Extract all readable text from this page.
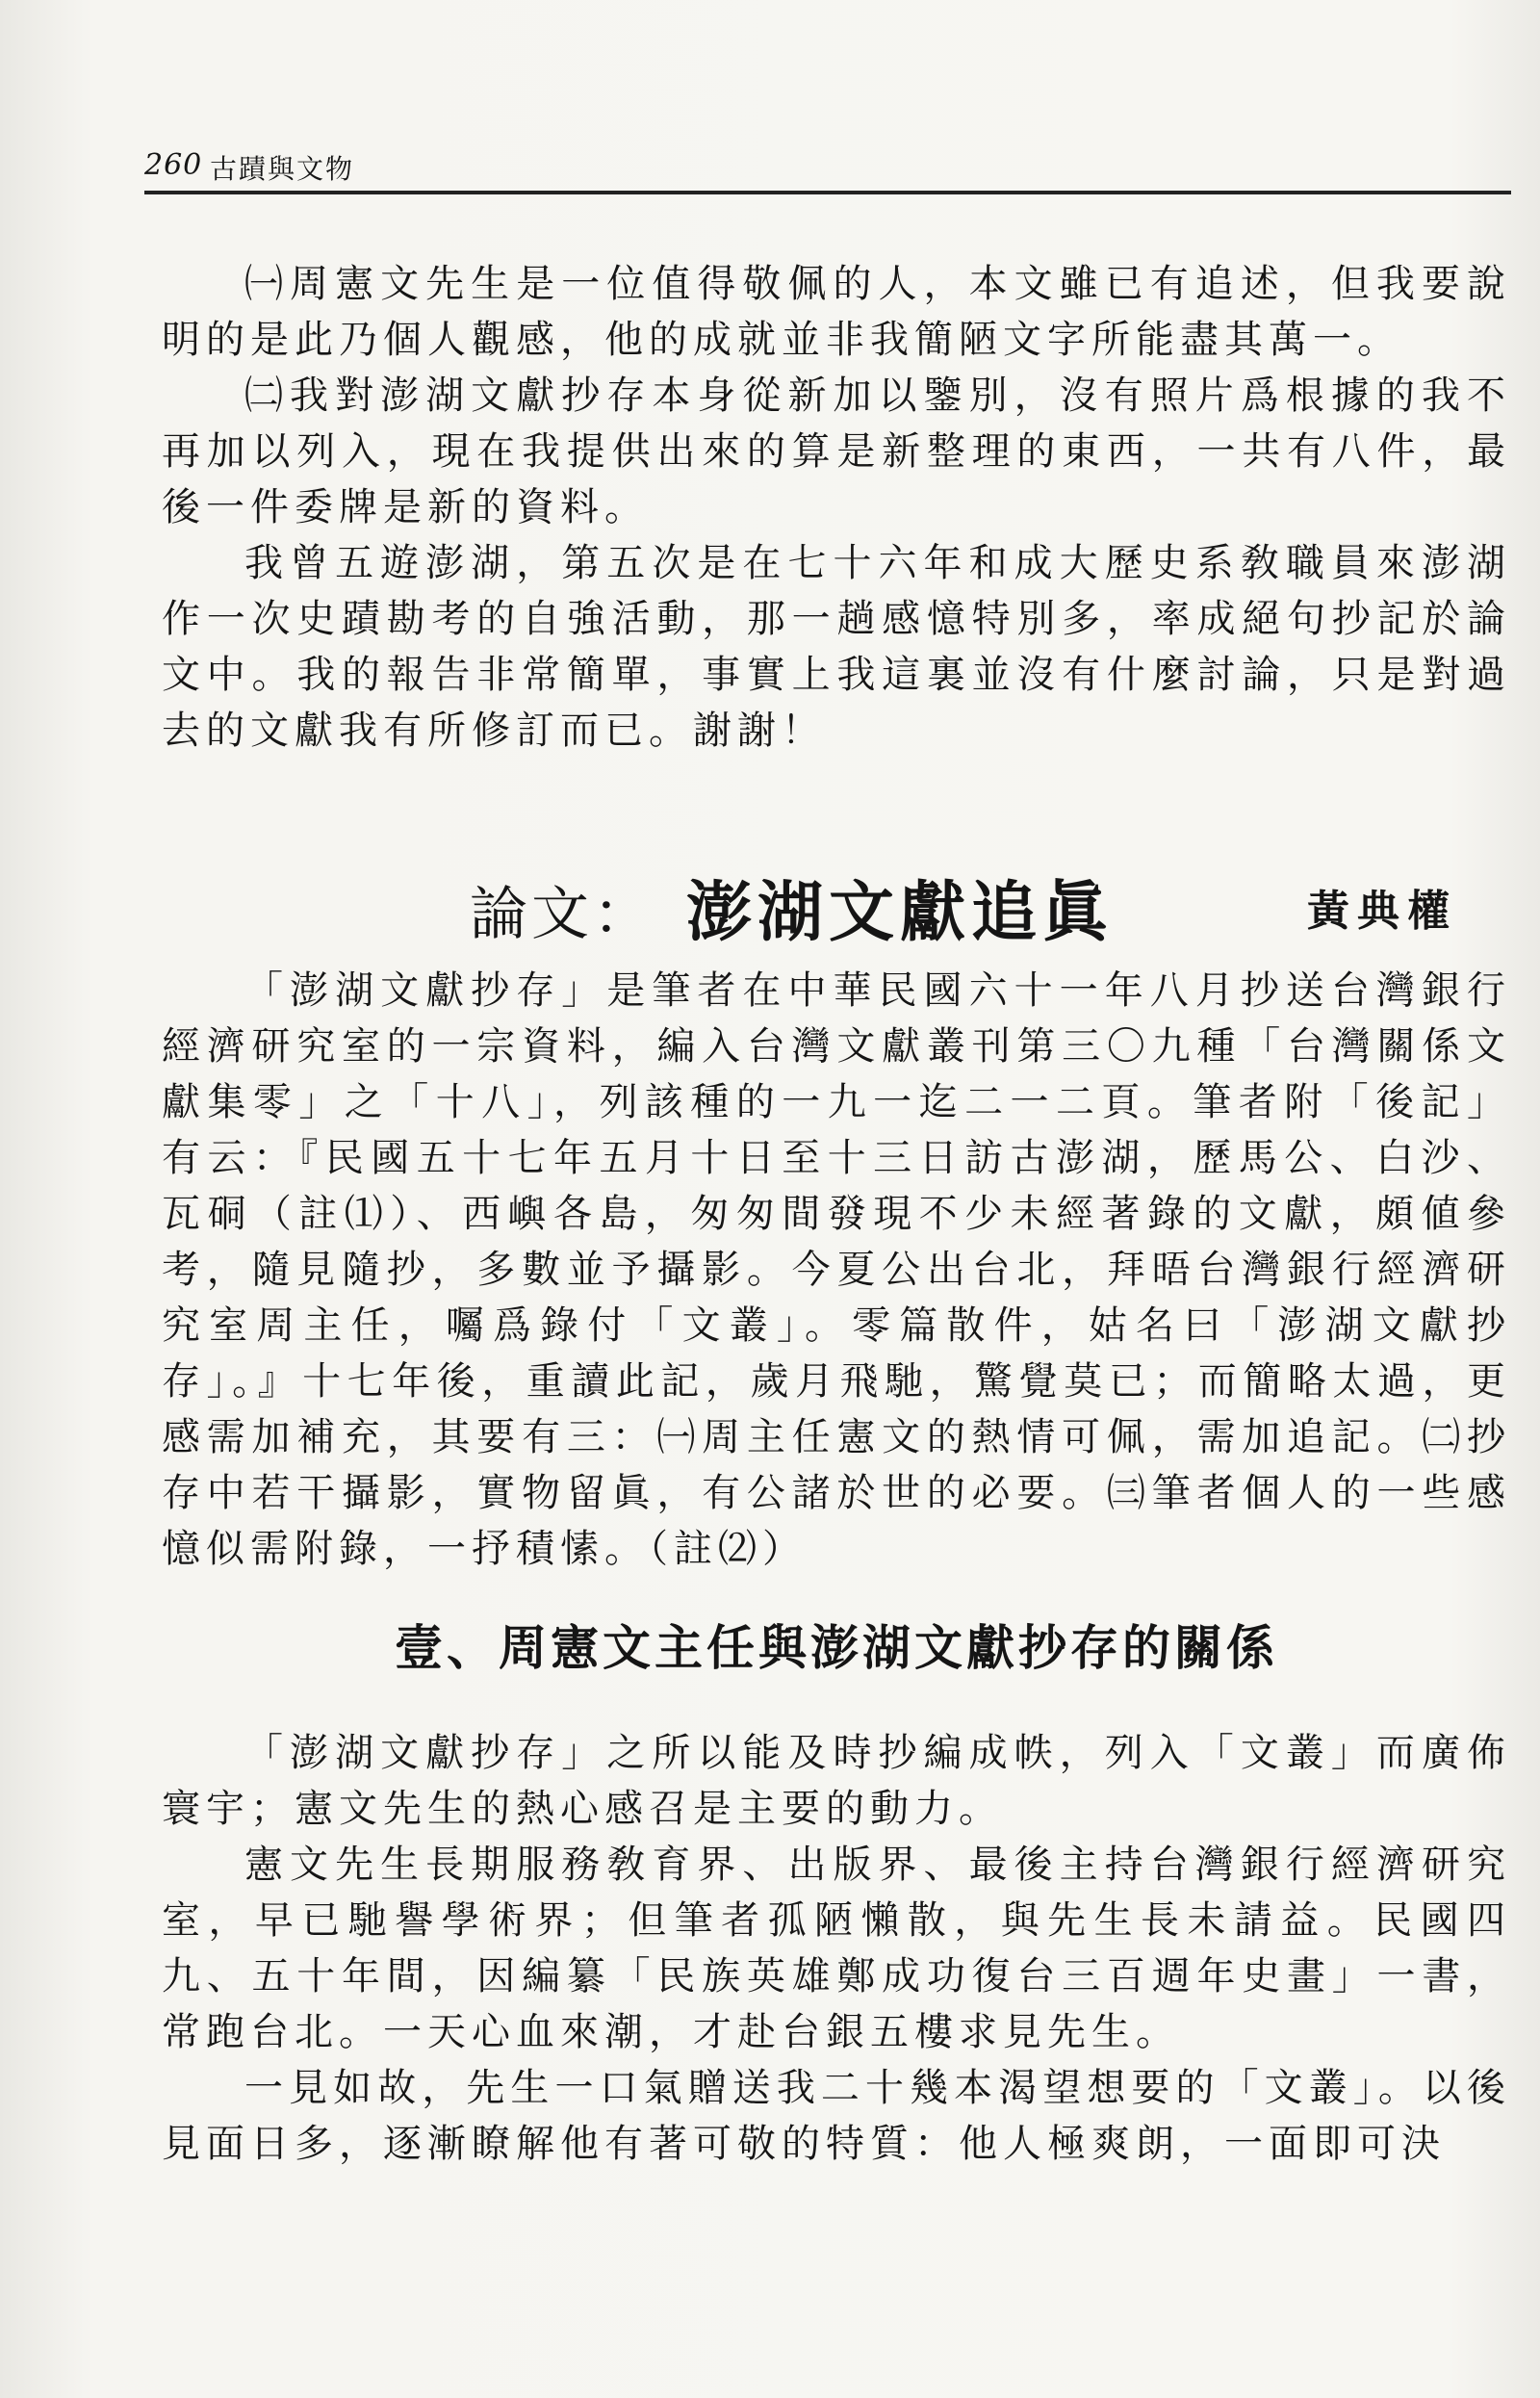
260 古蹟與文物

㈠周憲文先生是一位值得敬佩的人，本文雖已有追述，但我要說明的是此乃個人觀感，他的成就並非我簡陋文字所能盡其萬一。

㈡我對澎湖文獻抄存本身從新加以鑒別，沒有照片爲根據的我不再加以列入，現在我提供出來的算是新整理的東西，一共有八件，最後一件委牌是新的資料。

我曾五遊澎湖，第五次是在七十六年和成大歷史系敎職員來澎湖作一次史蹟勘考的自強活動，那一趟感憶特別多，率成絕句抄記於論文中。我的報告非常簡單，事實上我這裏並沒有什麼討論，只是對過去的文獻我有所修訂而已。謝謝！

論文： 澎湖文獻追眞	黃典權

「澎湖文獻抄存」是筆者在中華民國六十一年八月抄送台灣銀行經濟研究室的一宗資料，編入台灣文獻叢刊第三〇九種「台灣關係文獻集零」之「十八」，列該種的一九一迄二一二頁。筆者附「後記」有云：『民國五十七年五月十日至十三日訪古澎湖，歷馬公、白沙、瓦硐（註⑴）、西嶼各島，匆匆間發現不少未經著錄的文獻，頗値參考，隨見隨抄，多數並予攝影。今夏公出台北，拜晤台灣銀行經濟研究室周主任，囑爲錄付「文叢」。零篇散件，姑名曰「澎湖文獻抄存」。』十七年後，重讀此記，歲月飛馳，驚覺莫已；而簡略太過，更感需加補充，其要有三：㈠周主任憲文的熱情可佩，需加追記。㈡抄存中若干攝影，實物留眞，有公諸於世的必要。㈢筆者個人的一些感憶似需附錄，一抒積愫。（註⑵）

壹、周憲文主任與澎湖文獻抄存的關係

「澎湖文獻抄存」之所以能及時抄編成帙，列入「文叢」而廣佈寰宇；憲文先生的熱心感召是主要的動力。

憲文先生長期服務敎育界、出版界、最後主持台灣銀行經濟研究室，早已馳譽學術界；但筆者孤陋懶散，與先生長未請益。民國四九、五十年間，因編纂「民族英雄鄭成功復台三百週年史畫」一書，常跑台北。一天心血來潮，才赴台銀五樓求見先生。

一見如故，先生一口氣贈送我二十幾本渴望想要的「文叢」。以後見面日多，逐漸瞭解他有著可敬的特質：他人極爽朗，一面即可決
